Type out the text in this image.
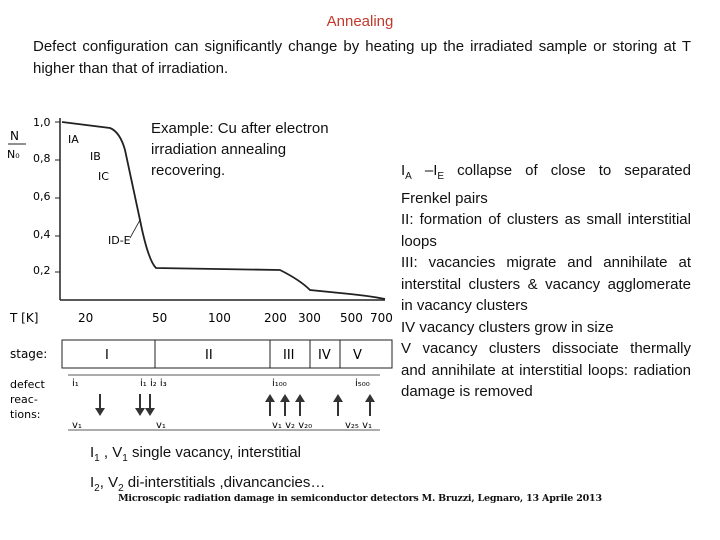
Annealing
Defect configuration can significantly change by heating up the irradiated sample or storing at T higher than that of irradiation.
N
N₀
1,0
0,8
0,6
0,4
0,2
IA
IB
IC
ID-E
T [K]	20	50	100	200 300 500 700
stage:	I	II	III IV V
defect
reac-
tions:
i₁	i₁ i₂ i₃	i₁₀₀	i₅₀₀
v₁	v₁	v₁ v₂ v₂₀	v₂₅ v₁
Example: Cu after electron irradiation annealing recovering.	$I_A$ $-I_E$ collapse of close to separated Frenkel pairs

II: formation of clusters as small interstitial loops

III: vacancies migrate and annihilate at interstital clusters & vacancy agglomerate in vacancy clusters

IV vacancy clusters grow in size

V vacancy clusters dissociate thermally and annihilate at interstitial loops: radiation damage is removed

$I_1$ , $V_1$ single vacancy, interstitial

$I_2$, $V_2$ di-interstitials ,divancancies…

Microscopic radiation damage in semiconductor detectors M. Bruzzi, Legnaro, 13 Aprile 2013
